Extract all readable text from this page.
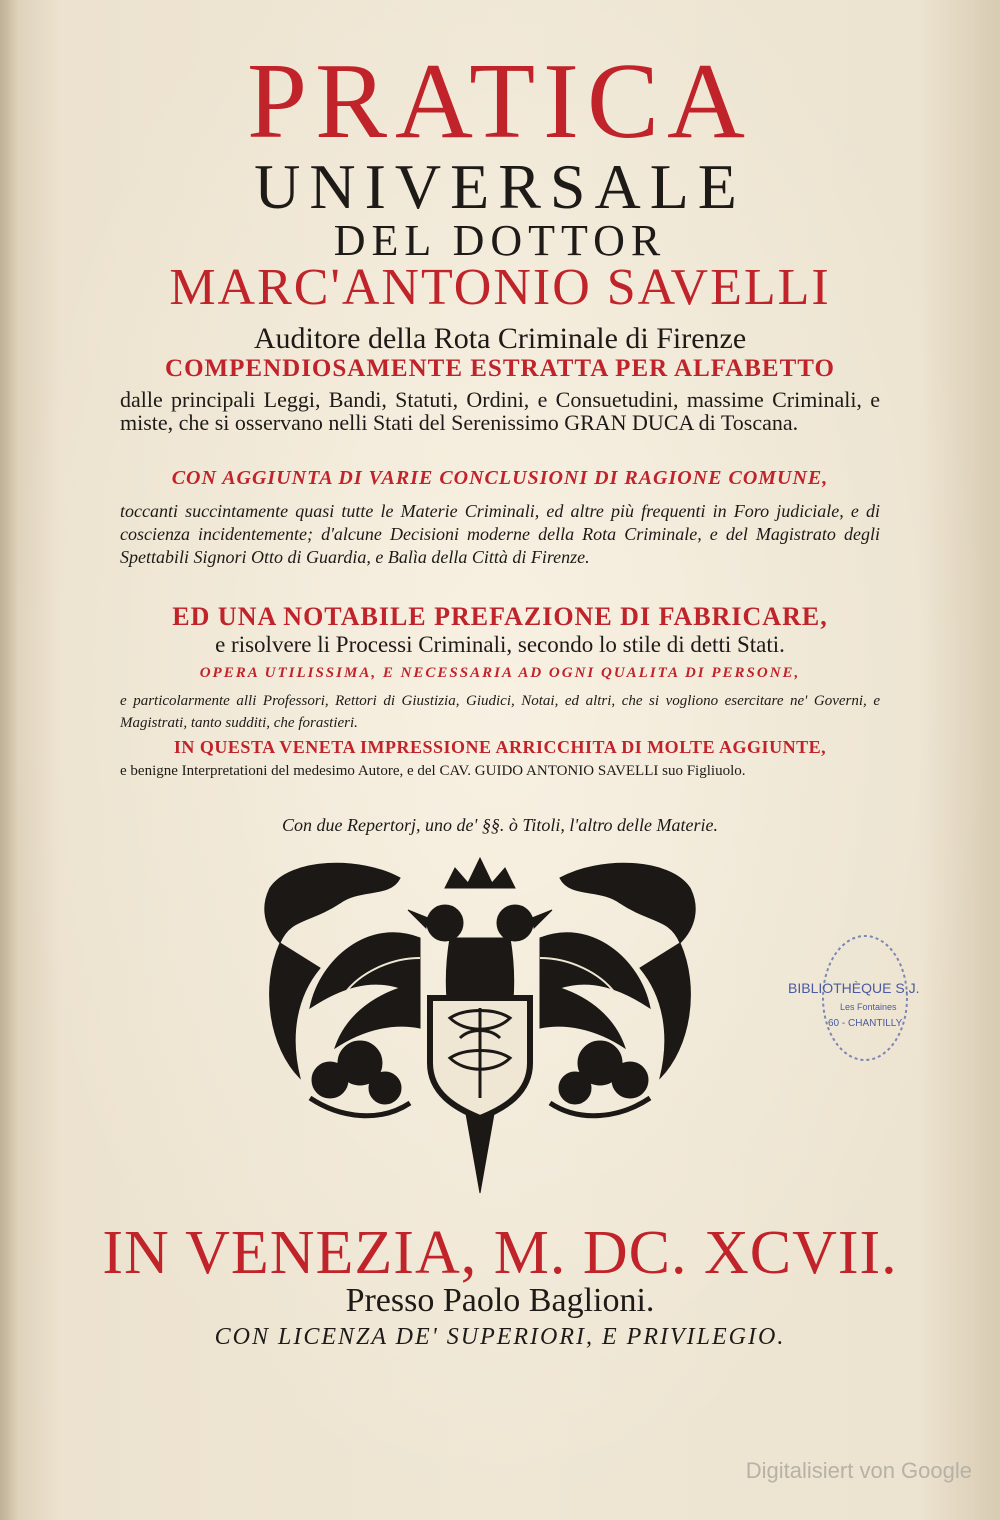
PRATICA

UNIVERSALE

DEL DOTTOR

MARC'ANTONIO SAVELLI

Auditore della Rota Criminale di Firenze

COMPENDIOSAMENTE ESTRATTA PER ALFABETTO

dalle principali Leggi, Bandi, Statuti, Ordini, e Consuetudini, massime Criminali, e miste, che si osservano nelli Stati del Serenissimo GRAN DUCA di Toscana.

CON AGGIUNTA DI VARIE CONCLUSIONI DI RAGIONE COMUNE,

toccanti succintamente quasi tutte le Materie Criminali, ed altre più frequenti in Foro judiciale, e di coscienza incidentemente; d'alcune Decisioni moderne della Rota Criminale, e del Magistrato degli Spettabili Signori Otto di Guardia, e Balìa della Città di Firenze.

ED UNA NOTABILE PREFAZIONE DI FABRICARE,

e risolvere li Processi Criminali, secondo lo stile di detti Stati.

OPERA UTILISSIMA, E NECESSARIA AD OGNI QUALITA DI PERSONE,

e particolarmente alli Professori, Rettori di Giustizia, Giudici, Notai, ed altri, che si vogliono esercitare ne' Governi, e Magistrati, tanto sudditi, che forastieri.

IN QUESTA VENETA IMPRESSIONE ARRICCHITA DI MOLTE AGGIUNTE,

e benigne Interpretationi del medesimo Autore, e del CAV. GUIDO ANTONIO SAVELLI suo Figliuolo.

Con due Repertorj, uno de' §§. ò Titoli, l'altro delle Materie.

IN VENEZIA, M. DC. XCVII.

Presso Paolo Baglioni.

CON LICENZA DE' SUPERIORI, E PRIVILEGIO.

BIBLIOTHÈQUE S.J.
Les Fontaines
60 - CHANTILLY
Digitalisiert von Google
